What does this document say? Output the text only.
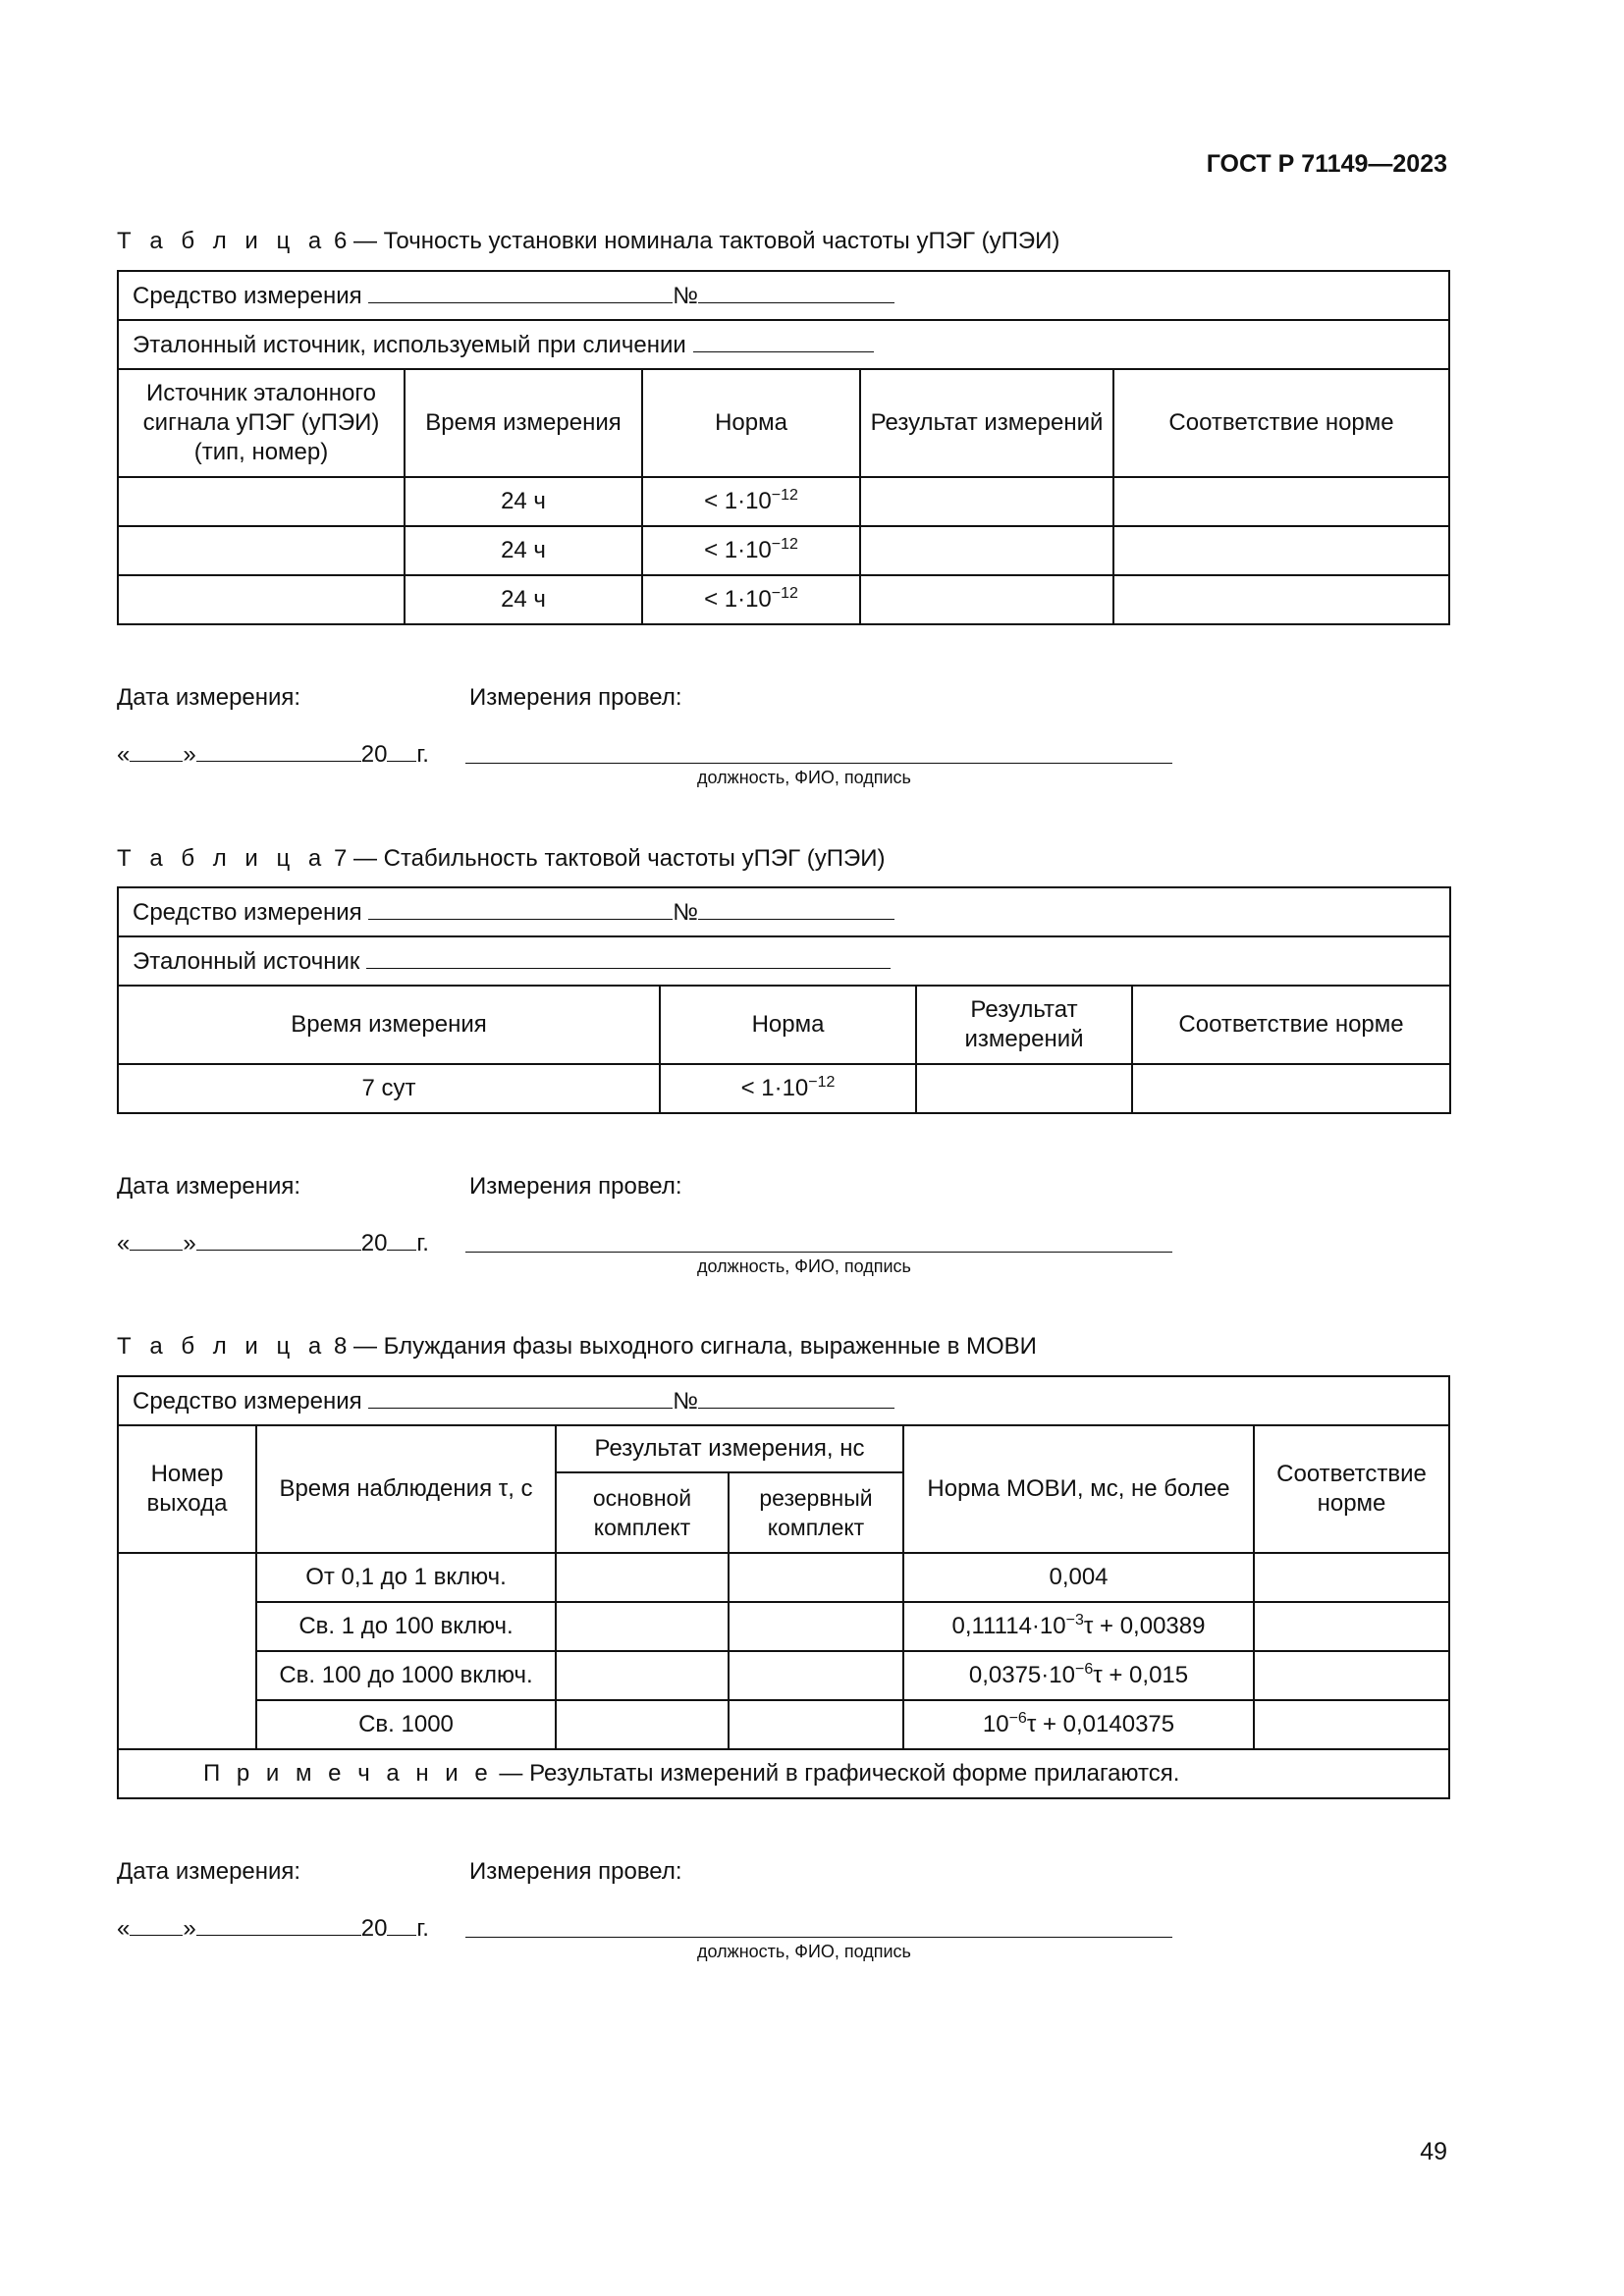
ГОСТ Р 71149—2023
Т а б л и ц а 6 — Точность установки номинала тактовой частоты уПЭГ (уПЭИ)
Средство измерения №				
Эталонный источник, используемый при сличении				
Источник эталонного сигнала уПЭГ (уПЭИ) (тип, номер)	Время измерения	Норма	Результат измерений	Соответствие норме
	24 ч	< $1\cdot 10^{-12}$		
	24 ч	< $1\cdot 10^{-12}$		
	24 ч	< $1\cdot 10^{-12}$		
Дата измерения:	Измерения провел:
« »	20 г.
должность, ФИО, подпись
Т а б л и ц а 7 — Стабильность тактовой частоты уПЭГ (уПЭИ)
Средство измерения №			
Эталонный источник			
Время измерения	Норма	Результат измерений	Соответствие норме
7 сут	< $1\cdot 10^{-12}$		
Дата измерения:	Измерения провел:
« »	20 г.
должность, ФИО, подпись
Т а б л и ц а 8 — Блуждания фазы выходного сигнала, выраженные в МОВИ
Средство измерения №					
Номер выхода	Время наблюдения τ, с	Результат измерения, нс		Норма МОВИ, мс, не более	Соответствие норме
		основной комплект	резервный комплект		
	От 0,1 до 1 включ.			0,004	
	Св. 1 до 100 включ.			$0,11114\cdot 10^{-3}\tau + 0,00389$	
	Св. 100 до 1000 включ.			$0,0375\cdot 10^{-6}\tau + 0,015$	
	Св. 1000			$10^{-6}\tau + 0,0140375$	
П р и м е ч а н и е — Результаты измерений в графической форме прилагаются.					
Дата измерения:	Измерения провел:
« »	20 г.
должность, ФИО, подпись
49
